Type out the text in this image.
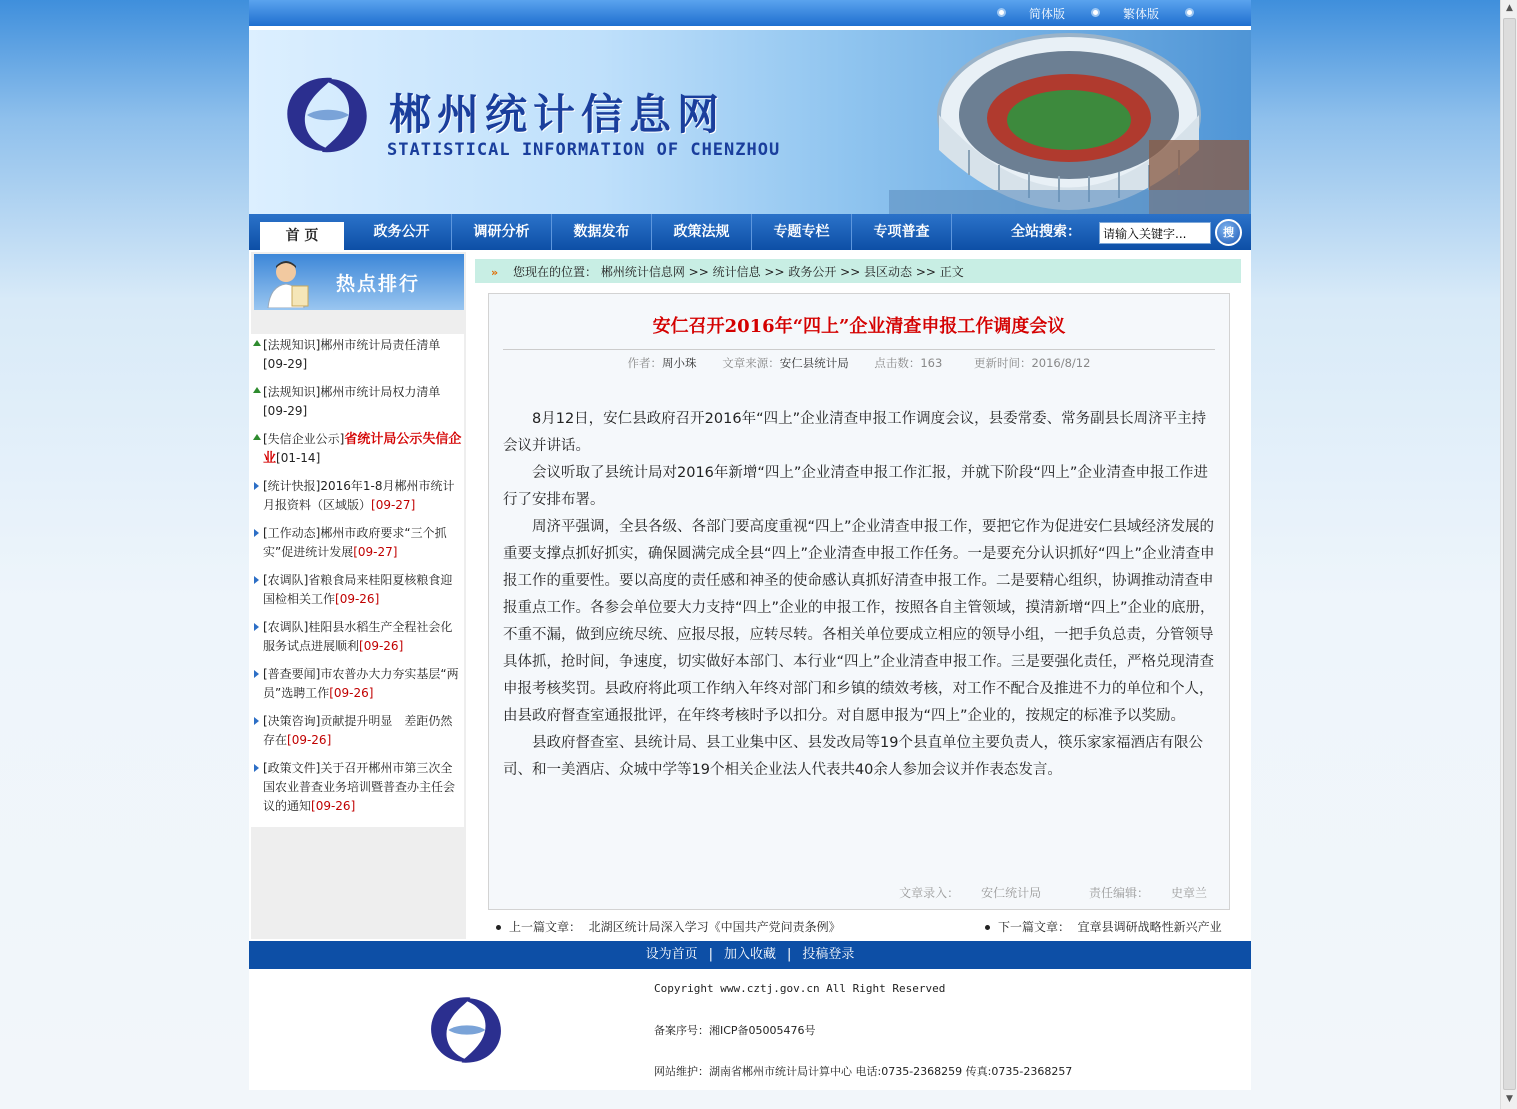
▲
▼
简体版	繁体版
郴州统计信息网
STATISTICAL INFORMATION OF CHENZHOU
首 页	政务公开	调研分析	数据发布	政策法规	专题专栏	专项普查	全站搜索：
请输入关键字...	搜
热点排行
[法规知识]郴州市统计局责任清单
[09-29]
[法规知识]郴州市统计局权力清单
[09-29]
[失信企业公示]省统计局公示失信企业[01-14]
[统计快报]2016年1-8月郴州市统计月报资料（区域版）[09-27]
[工作动态]郴州市政府要求“三个抓实”促进统计发展[09-27]
[农调队]省粮食局来桂阳夏核粮食迎国检相关工作[09-26]
[农调队]桂阳县水稻生产全程社会化服务试点进展顺利[09-26]
[普查要闻]市农普办大力夯实基层“两员”选聘工作[09-26]
[决策咨询]贡献提升明显　差距仍然存在[09-26]
[政策文件]关于召开郴州市第三次全国农业普查业务培训暨普查办主任会议的通知[09-26]
» 您现在的位置： 郴州统计信息网 >> 统计信息 >> 政务公开 >> 县区动态 >> 正文
安仁召开2016年“四上”企业清查申报工作调度会议
作者：周小珠 文章来源：安仁县统计局 点击数：163	更新时间：2016/8/12

8月12日，安仁县政府召开2016年“四上”企业清查申报工作调度会议，县委常委、常务副县长周济平主持会议并讲话。

会议听取了县统计局对2016年新增“四上”企业清查申报工作汇报，并就下阶段“四上”企业清查申报工作进行了安排布署。

周济平强调，全县各级、各部门要高度重视“四上”企业清查申报工作，要把它作为促进安仁县域经济发展的重要支撑点抓好抓实，确保圆满完成全县“四上”企业清查申报工作任务。一是要充分认识抓好“四上”企业清查申报工作的重要性。要以高度的责任感和神圣的使命感认真抓好清查申报工作。二是要精心组织，协调推动清查申报重点工作。各参会单位要大力支持“四上”企业的申报工作，按照各自主管领域，摸清新增“四上”企业的底册，不重不漏，做到应统尽统、应报尽报，应转尽转。各相关单位要成立相应的领导小组，一把手负总责，分管领导具体抓，抢时间，争速度，切实做好本部门、本行业“四上”企业清查申报工作。三是要强化责任，严格兑现清查申报考核奖罚。县政府将此项工作纳入年终对部门和乡镇的绩效考核，对工作不配合及推进不力的单位和个人，由县政府督查室通报批评，在年终考核时予以扣分。对自愿申报为“四上”企业的，按规定的标准予以奖励。

县政府督查室、县统计局、县工业集中区、县发改局等19个县直单位主要负责人，筷乐家家福酒店有限公司、和一美酒店、众城中学等19个相关企业法人代表共40余人参加会议并作表态发言。

文章录入： 安仁统计局	责任编辑： 史章兰
上一篇文章： 北湖区统计局深入学习《中国共产党问责条例》	下一篇文章： 宜章县调研战略性新兴产业
设为首页 | 加入收藏 | 投稿登录
Copyright www.cztj.gov.cn All Right Reserved
备案序号：湘ICP备05005476号
网站维护：湖南省郴州市统计局计算中心 电话:0735-2368259 传真:0735-2368257
